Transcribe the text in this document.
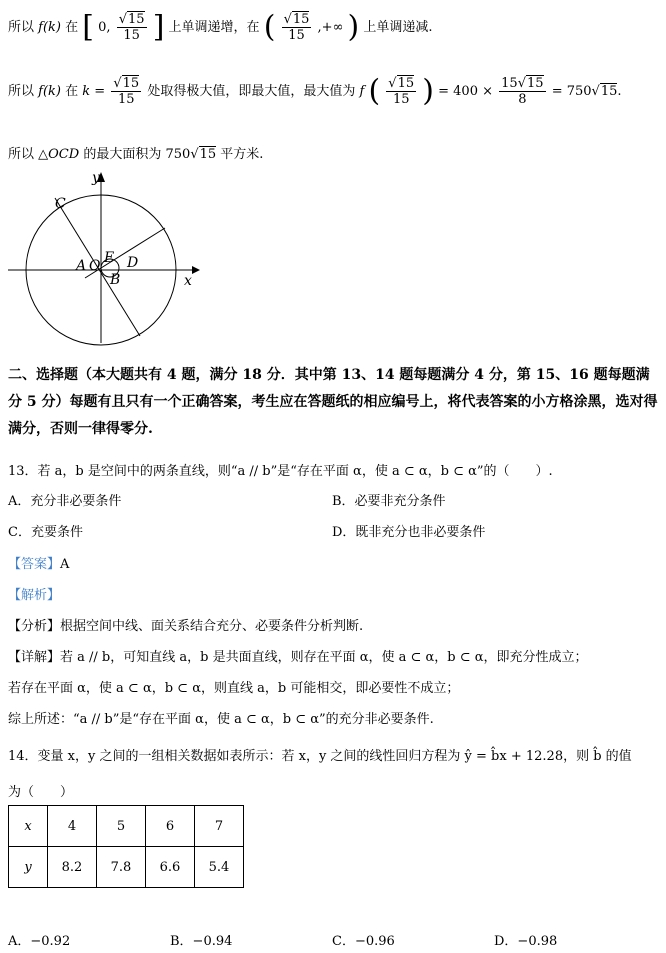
所以 f(k) 在 [ 0, $\frac{√15}{15}$ ] 上单调递增，在 ( $\frac{√15}{15}$ ,+∞ ) 上单调递减.
所以 f(k) 在 $k = \frac{√15}{15}$ 处取得极大值，即最大值，最大值为 f ( $\frac{√15}{15}$ ) = $400 \times \frac{15√15}{8} = 750√15$.
所以 △OCD 的最大面积为 750√15 平方米.
C
y
x
A O E D
B
二、选择题（本大题共有 4 题，满分 18 分．其中第 13、14 题每题满分 4 分，第 15、16 题每题满分 5 分）每题有且只有一个正确答案，考生应在答题纸的相应编号上，将代表答案的小方格涂黑，选对得满分，否则一律得零分.
13．若 a，b 是空间中的两条直线，则“a // b”是“存在平面 α，使 a ⊂ α，b ⊂ α”的（　　）.
A．充分非必要条件	B．必要非充分条件
C．充要条件	D．既非充分也非必要条件
【答案】A
【解析】
【分析】根据空间中线、面关系结合充分、必要条件分析判断.
【详解】若 a // b，可知直线 a，b 是共面直线，则存在平面 α，使 a ⊂ α，b ⊂ α，即充分性成立；
若存在平面 α，使 a ⊂ α，b ⊂ α，则直线 a，b 可能相交，即必要性不成立；
综上所述：“a // b”是“存在平面 α，使 a ⊂ α，b ⊂ α”的充分非必要条件.
14．变量 x，y 之间的一组相关数据如表所示：若 x，y 之间的线性回归方程为 ŷ = b̂x + 12.28，则 b̂ 的值
为（　　）
x	4	5	6	7
y	8.2	7.8	6.6	5.4
A．−0.92	B．−0.94	C．−0.96	D．−0.98
